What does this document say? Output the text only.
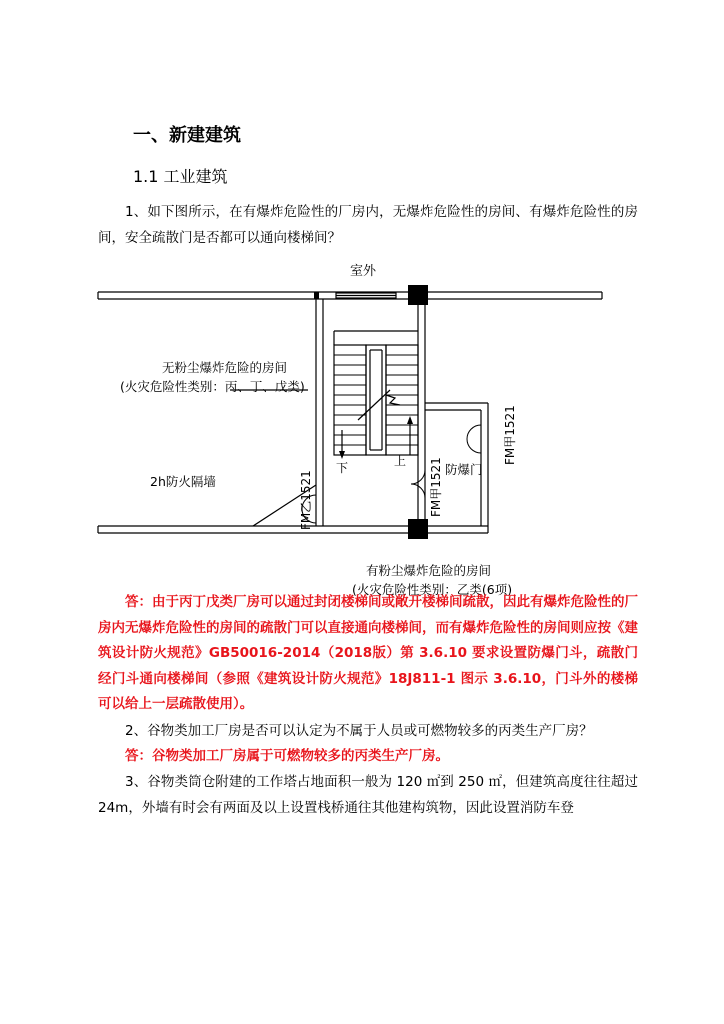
一、新建建筑
1.1 工业建筑

1、如下图所示，在有爆炸危险性的厂房内，无爆炸危险性的房间、有爆炸危险性的房间，安全疏散门是否都可以通向楼梯间？

室外
无粉尘爆炸危险的房间
(火灾危险性类别：丙、丁、戊类)
2h防火隔墙	FM乙1521	FM甲1521
FM甲1521
防爆门
下	上
有粉尘爆炸危险的房间
(火灾危险性类别：乙类(6项)

答：由于丙丁戊类厂房可以通过封闭楼梯间或敞开楼梯间疏散，因此有爆炸危险性的厂房内无爆炸危险性的房间的疏散门可以直接通向楼梯间，而有爆炸危险性的房间则应按《建筑设计防火规范》GB50016-2014（2018版）第 3.6.10 要求设置防爆门斗，疏散门经门斗通向楼梯间（参照《建筑设计防火规范》18J811-1 图示 3.6.10，门斗外的楼梯可以给上一层疏散使用）。

2、谷物类加工厂房是否可以认定为不属于人员或可燃物较多的丙类生产厂房？

答：谷物类加工厂房属于可燃物较多的丙类生产厂房。

3、谷物类筒仓附建的工作塔占地面积一般为 120 ㎡到 250 ㎡，但建筑高度往往超过 24m，外墙有时会有两面及以上设置栈桥通往其他建构筑物，因此设置消防车登
